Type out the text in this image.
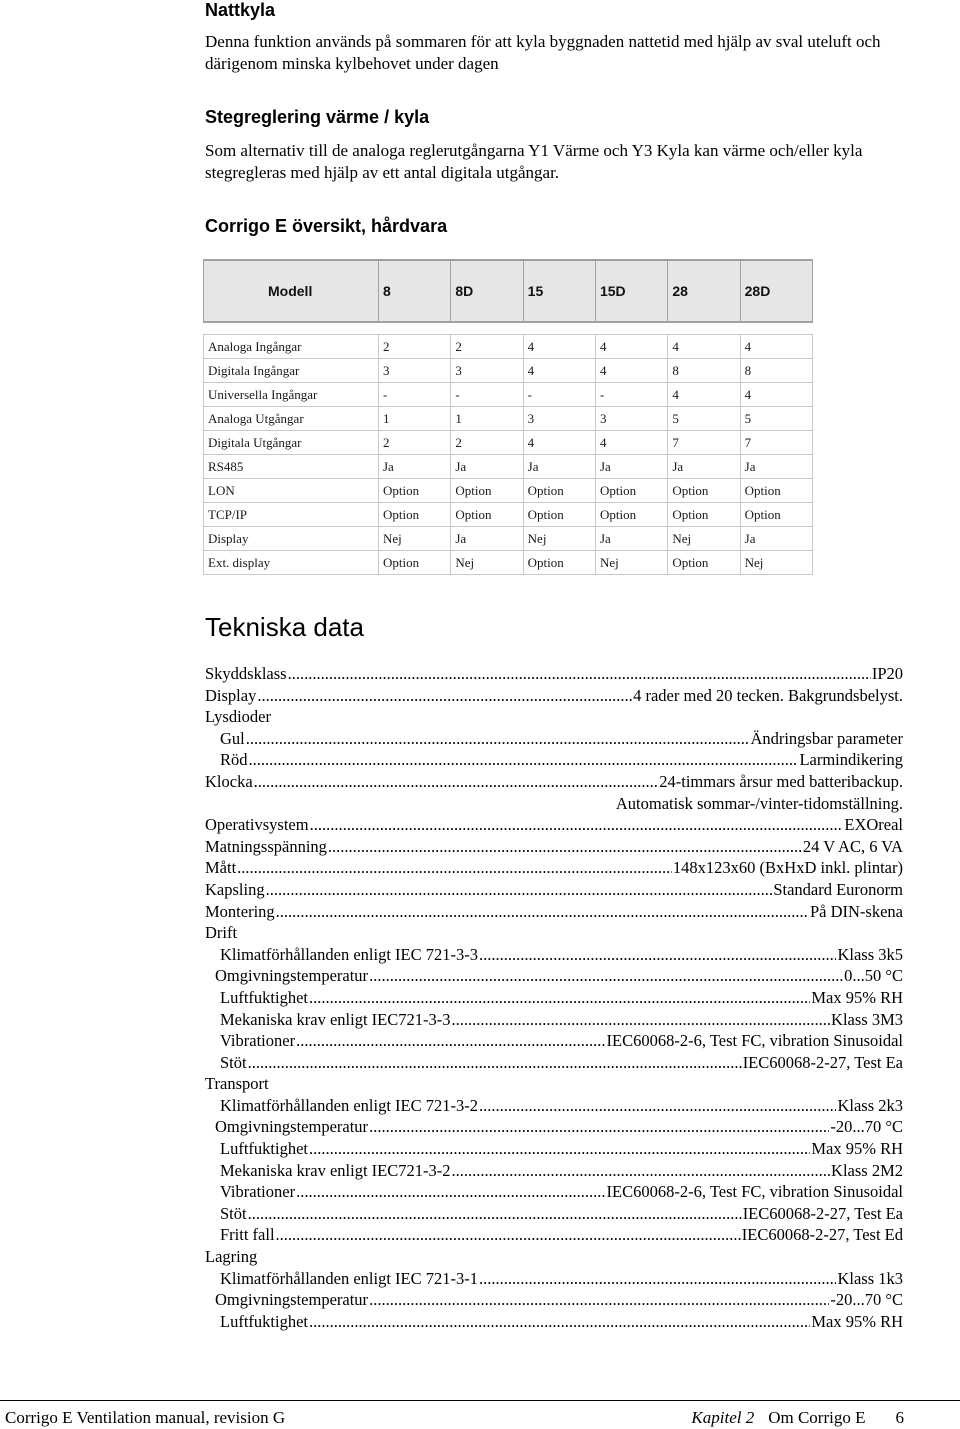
Nattkyla
Denna funktion används på sommaren för att kyla byggnaden nattetid med hjälp av sval uteluft och
därigenom minska kylbehovet under dagen
Stegreglering värme / kyla
Som alternativ till de analoga reglerutgångarna Y1 Värme och Y3 Kyla kan värme och/eller kyla
stegregleras med hjälp av ett antal digitala utgångar.
Corrigo E översikt, hårdvara
Modell	8	8D	15	15D	28	28D

Analoga Ingångar	2	2	4	4	4	4
Digitala Ingångar	3	3	4	4	8	8
Universella Ingångar	-	-	-	-	4	4
Analoga Utgångar	1	1	3	3	5	5
Digitala Utgångar	2	2	4	4	7	7
RS485	Ja	Ja	Ja	Ja	Ja	Ja
LON	Option	Option	Option	Option	Option	Option
TCP/IP	Option	Option	Option	Option	Option	Option
Display	Nej	Ja	Nej	Ja	Nej	Ja
Ext. display	Option	Nej	Option	Nej	Option	Nej
Tekniska data
Skyddsklass .....	IP20
Display .....	4 rader med 20 tecken. Bakgrundsbelyst.
Lysdioder
Gul .....	Ändringsbar parameter
Röd .....	Larmindikering
Klocka .....	24-timmars årsur med batteribackup.
Automatisk sommar-/vinter-tidomställning.
Operativsystem .....	EXOreal
Matningsspänning .....	24 V AC, 6 VA
Mått .....	148x123x60 (BxHxD inkl. plintar)
Kapsling .....	Standard Euronorm
Montering .....	På DIN-skena
Drift
Klimatförhållanden enligt IEC 721-3-3 .....	Klass 3k5
Omgivningstemperatur .....	0...50 °C
Luftfuktighet .....	Max 95% RH
Mekaniska krav enligt IEC721-3-3 .....	Klass 3M3
Vibrationer .....	IEC60068-2-6, Test FC, vibration Sinusoidal
Stöt .....	IEC60068-2-27, Test Ea
Transport
Klimatförhållanden enligt IEC 721-3-2 .....	Klass 2k3
Omgivningstemperatur .....	-20...70 °C
Luftfuktighet .....	Max 95% RH
Mekaniska krav enligt IEC721-3-2 .....	Klass 2M2
Vibrationer .....	IEC60068-2-6, Test FC, vibration Sinusoidal
Stöt .....	IEC60068-2-27, Test Ea
Fritt fall .....	IEC60068-2-27, Test Ed
Lagring
Klimatförhållanden enligt IEC 721-3-1 .....	Klass 1k3
Omgivningstemperatur .....	-20...70 °C
Luftfuktighet .....	Max 95% RH
Corrigo E Ventilation manual, revision G	Kapitel 2 Om Corrigo E 6
